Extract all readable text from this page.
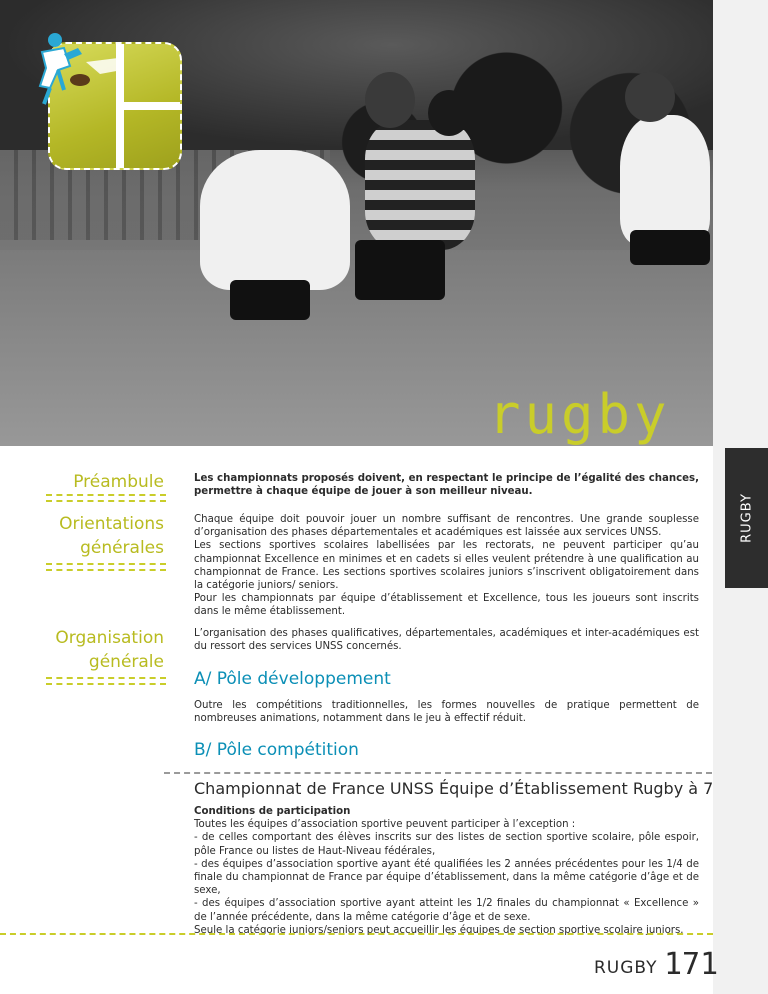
rugby
RUGBY
Préambule
Orientations
générales
Organisation
générale
Les championnats proposés doivent, en respectant le principe de l’égalité des chances, permettre à chaque équipe de jouer à son meilleur niveau.
Chaque équipe doit pouvoir jouer un nombre suffisant de rencontres. Une grande souplesse d’organisation des phases départementales et académiques est laissée aux services UNSS.
Les sections sportives scolaires labellisées par les rectorats, ne peuvent participer qu’au championnat Excellence en minimes et en cadets si elles veulent prétendre à une qualification au championnat de France. Les sections sportives scolaires juniors s’inscrivent obligatoirement dans la catégorie juniors/ seniors.
Pour les championnats par équipe d’établissement et Excellence, tous les joueurs sont inscrits dans le même établissement.
L’organisation des phases qualificatives, départementales, académiques et inter-académiques est du ressort des services UNSS concernés.
A/ Pôle développement
Outre les compétitions traditionnelles, les formes nouvelles de pratique permettent de nombreuses animations, notamment dans le jeu à effectif réduit.
B/ Pôle compétition
Championnat de France UNSS Équipe d’Établissement Rugby à 7
Conditions de participation
Toutes les équipes d’association sportive peuvent participer à l’exception :
- de celles comportant des élèves inscrits sur des listes de section sportive scolaire, pôle espoir, pôle France ou listes de Haut-Niveau fédérales,
- des équipes d’association sportive ayant été qualifiées les 2 années précédentes pour les 1/4 de finale du championnat de France par équipe d’établissement, dans la même catégorie d’âge et de sexe,
- des équipes d’association sportive ayant atteint les 1/2 finales du championnat « Excellence » de l’année précédente, dans la même catégorie d’âge et de sexe.
Seule la catégorie juniors/seniors peut accueillir les équipes de section sportive scolaire juniors.
RUGBY 171
